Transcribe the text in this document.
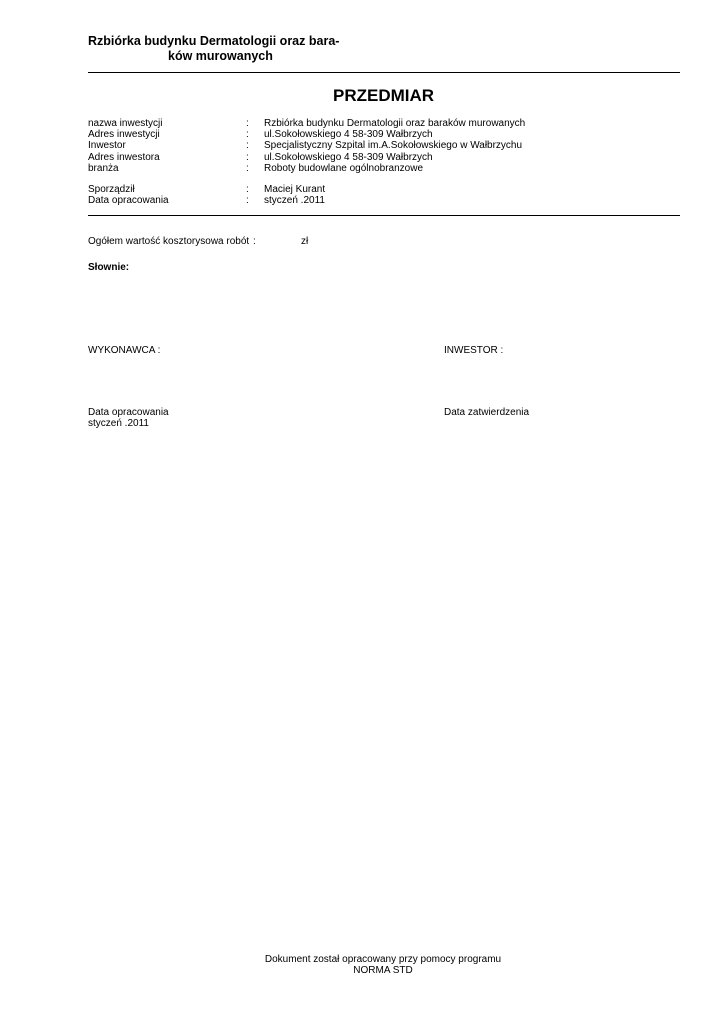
Rzbiórka budynku Dermatologii oraz bara-
ków murowanych
PRZEDMIAR
nazwa inwestycji	:	Rzbiórka budynku Dermatologii oraz baraków murowanych
Adres inwestycji	:	ul.Sokołowskiego 4 58-309 Wałbrzych
Inwestor	:	Specjalistyczny Szpital im.A.Sokołowskiego w Wałbrzychu
Adres inwestora	:	ul.Sokołowskiego 4 58-309 Wałbrzych
branża	:	Roboty budowlane ogólnobranzowe
Sporządził	:	Maciej Kurant
Data opracowania	:	styczeń .2011
Ogółem wartość kosztorysowa robót :	zł
Słownie:
WYKONAWCA :	INWESTOR :
Data opracowania
styczeń .2011
Data zatwierdzenia
Dokument został opracowany przy pomocy programu
NORMA STD
